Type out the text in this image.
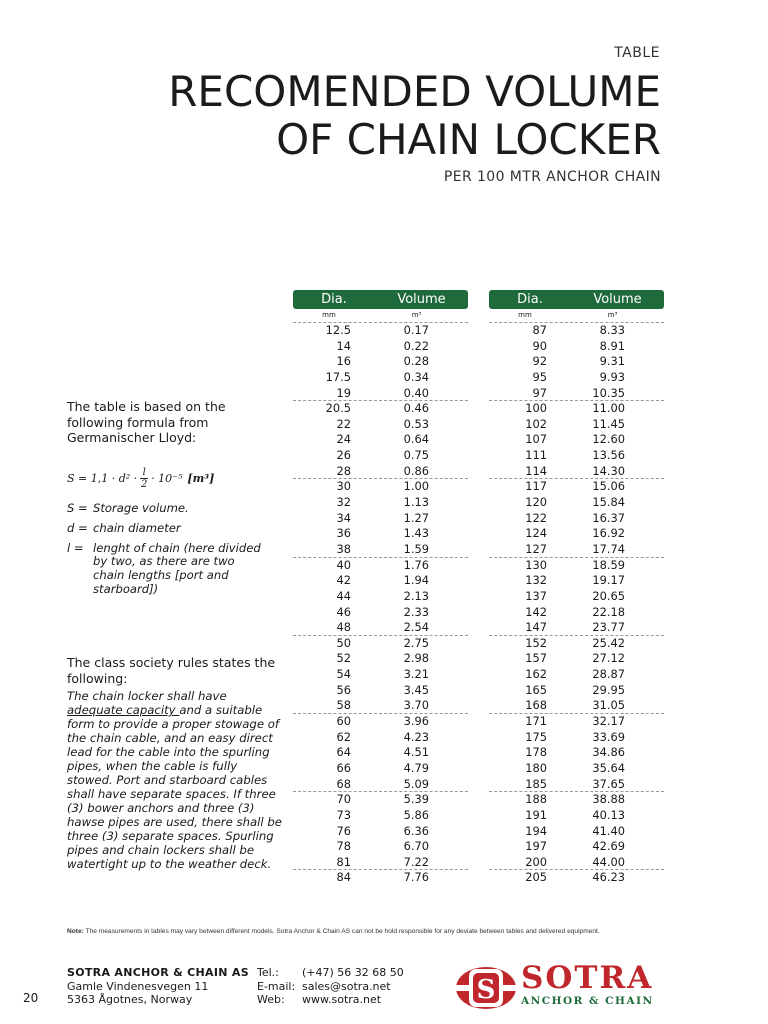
TABLE
RECOMENDED VOLUME
OF CHAIN LOCKER
PER 100 MTR ANCHOR CHAIN
Dia.	Volume
mm	m³
12.5	0.17
14	0.22
16	0.28
17.5	0.34
19	0.40
20.5	0.46
22	0.53
24	0.64
26	0.75
28	0.86
30	1.00
32	1.13
34	1.27
36	1.43
38	1.59
40	1.76
42	1.94
44	2.13
46	2.33
48	2.54
50	2.75
52	2.98
54	3.21
56	3.45
58	3.70
60	3.96
62	4.23
64	4.51
66	4.79
68	5.09
70	5.39
73	5.86
76	6.36
78	6.70
81	7.22
84	7.76
Dia.	Volume
mm	m³
87	8.33
90	8.91
92	9.31
95	9.93
97	10.35
100	11.00
102	11.45
107	12.60
111	13.56
114	14.30
117	15.06
120	15.84
122	16.37
124	16.92
127	17.74
130	18.59
132	19.17
137	20.65
142	22.18
147	23.77
152	25.42
157	27.12
162	28.87
165	29.95
168	31.05
171	32.17
175	33.69
178	34.86
180	35.64
185	37.65
188	38.88
191	40.13
194	41.40
197	42.69
200	44.00
205	46.23
The table is based on the following formula from Germanischer Lloyd:
$S = 1,1 \cdot d^2 \cdot \frac{l}{2} \cdot 10^{-5}$ [m³]
S = Storage volume.
d = chain diameter
l = lenght of chain (here divided by two, as there are two chain lengths [port and starboard])
The class society rules states the following:
The chain locker shall have adequate capacity and a suitable form to provide a proper stowage of the chain cable, and an easy direct lead for the cable into the spurling pipes, when the cable is fully stowed. Port and starboard cables shall have separate spaces. If three (3) bower anchors and three (3) hawse pipes are used, there shall be three (3) separate spaces. Spurling pipes and chain lockers shall be watertight up to the weather deck.
Note: The measurements in tables may vary between different models. Sotra Anchor & Chain AS can not be hold responsible for any deviate between tables and delivered equipment.
20
SOTRA ANCHOR & CHAIN AS
Gamle Vindenesvegen 11
5363 Ågotnes, Norway
Tel.:	(+47) 56 32 68 50
E-mail: sales@sotra.net
Web:	www.sotra.net	S SOTRA
ANCHOR & CHAIN
